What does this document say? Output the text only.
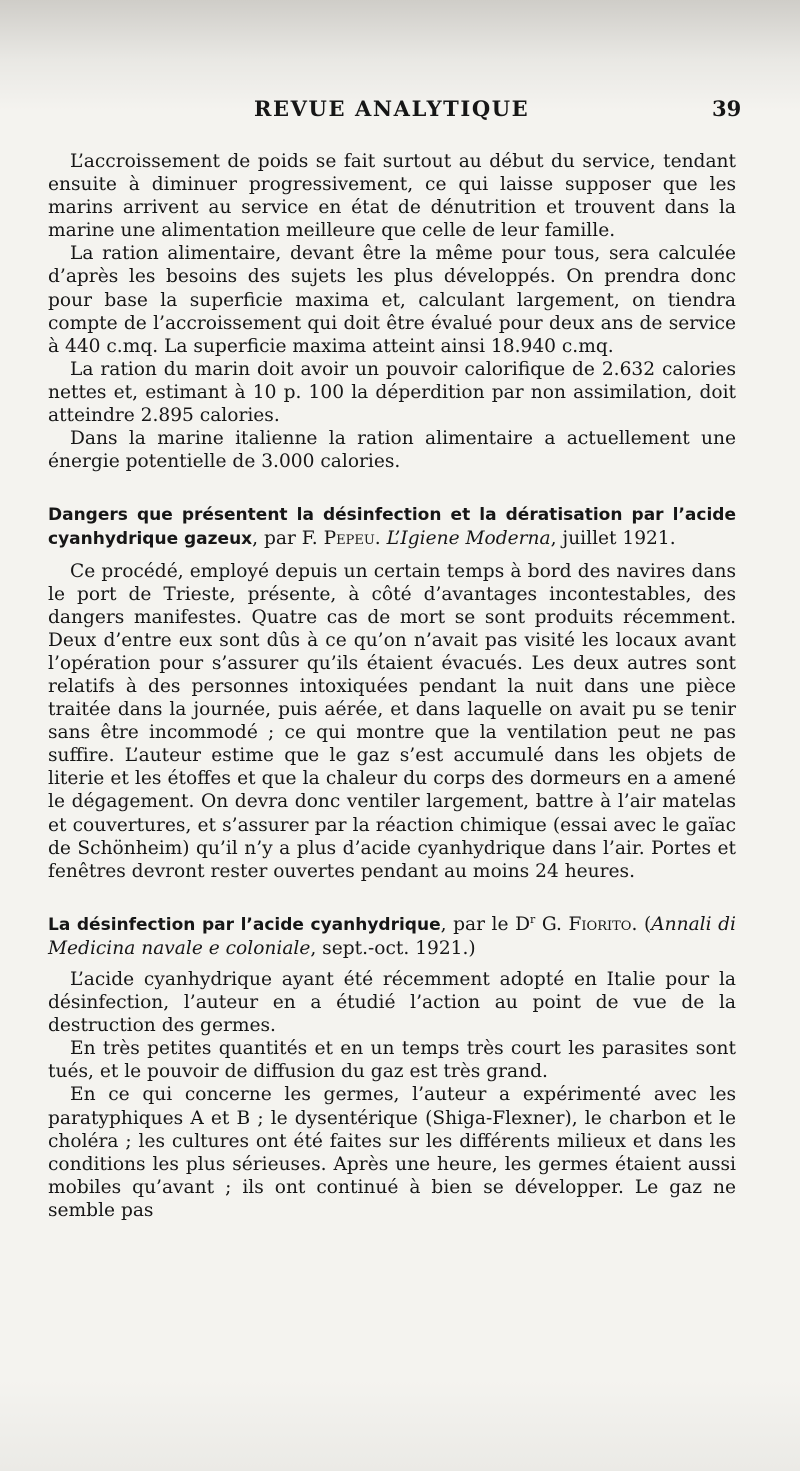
REVUE ANALYTIQUE	39

L’accroissement de poids se fait surtout au début du service, tendant ensuite à diminuer progressivement, ce qui laisse supposer que les marins arrivent au service en état de dénutrition et trouvent dans la marine une alimentation meilleure que celle de leur famille.

La ration alimentaire, devant être la même pour tous, sera calculée d’après les besoins des sujets les plus développés. On prendra donc pour base la superficie maxima et, calculant largement, on tiendra compte de l’accroissement qui doit être évalué pour deux ans de service à 440 c.mq. La superficie maxima atteint ainsi 18.940 c.mq.

La ration du marin doit avoir un pouvoir calorifique de 2.632 calories nettes et, estimant à 10 p. 100 la déperdition par non assimilation, doit atteindre 2.895 calories.

Dans la marine italienne la ration alimentaire a actuellement une énergie potentielle de 3.000 calories.

Dangers que présentent la désinfection et la dératisation par l’acide cyanhydrique gazeux, par F. Pepeu. L’Igiene Moderna, juillet 1921.

Ce procédé, employé depuis un certain temps à bord des navires dans le port de Trieste, présente, à côté d’avantages incontestables, des dangers manifestes. Quatre cas de mort se sont produits récemment. Deux d’entre eux sont dûs à ce qu’on n’avait pas visité les locaux avant l’opération pour s’assurer qu’ils étaient évacués. Les deux autres sont relatifs à des personnes intoxiquées pendant la nuit dans une pièce traitée dans la journée, puis aérée, et dans laquelle on avait pu se tenir sans être incommodé ; ce qui montre que la ventilation peut ne pas suffire. L’auteur estime que le gaz s’est accumulé dans les objets de literie et les étoffes et que la chaleur du corps des dormeurs en a amené le dégagement. On devra donc ventiler largement, battre à l’air matelas et couvertures, et s’assurer par la réaction chimique (essai avec le gaïac de Schönheim) qu’il n’y a plus d’acide cyanhydrique dans l’air. Portes et fenêtres devront rester ouvertes pendant au moins 24 heures.

La désinfection par l’acide cyanhydrique, par le $D^r$ G. Fiorito. (Annali di Medicina navale e coloniale, sept.-oct. 1921.)

L’acide cyanhydrique ayant été récemment adopté en Italie pour la désinfection, l’auteur en a étudié l’action au point de vue de la destruction des germes.

En très petites quantités et en un temps très court les parasites sont tués, et le pouvoir de diffusion du gaz est très grand.

En ce qui concerne les germes, l’auteur a expérimenté avec les paratyphiques A et B ; le dysentérique (Shiga-Flexner), le charbon et le choléra ; les cultures ont été faites sur les différents milieux et dans les conditions les plus sérieuses. Après une heure, les germes étaient aussi mobiles qu’avant ; ils ont continué à bien se développer. Le gaz ne semble pas
